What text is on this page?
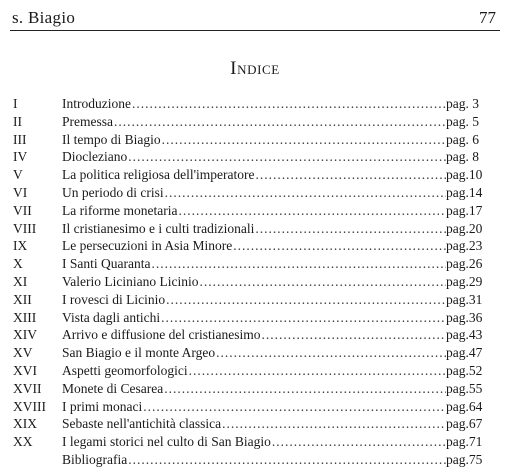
s. Biagio	77
Indice
I	Introduzione .....	pag. 3
II	Premessa .....	pag. 5
III	Il tempo di Biagio .....	pag. 6
IV	Diocleziano .....	pag. 8
V	La politica religiosa dell'imperatore .....	pag.10
VI	Un periodo di crisi .....	pag.14
VII	La riforme monetaria .....	pag.17
VIII	Il cristianesimo e i culti tradizionali .....	pag.20
IX	Le persecuzioni in Asia Minore .....	pag.23
X	I Santi Quaranta .....	pag.26
XI	Valerio Liciniano Licinio .....	pag.29
XII	I rovesci di Licinio .....	pag.31
XIII	Vista dagli antichi .....	pag.36
XIV	Arrivo e diffusione del cristianesimo .....	pag.43
XV	San Biagio e il monte Argeo .....	pag.47
XVI	Aspetti geomorfologici .....	pag.52
XVII	Monete di Cesarea .....	pag.55
XVIII	I primi monaci .....	pag.64
XIX	Sebaste nell'antichità classica .....	pag.67
XX	I legami storici nel culto di San Biagio .....	pag.71
Bibliografia .....	pag.75
